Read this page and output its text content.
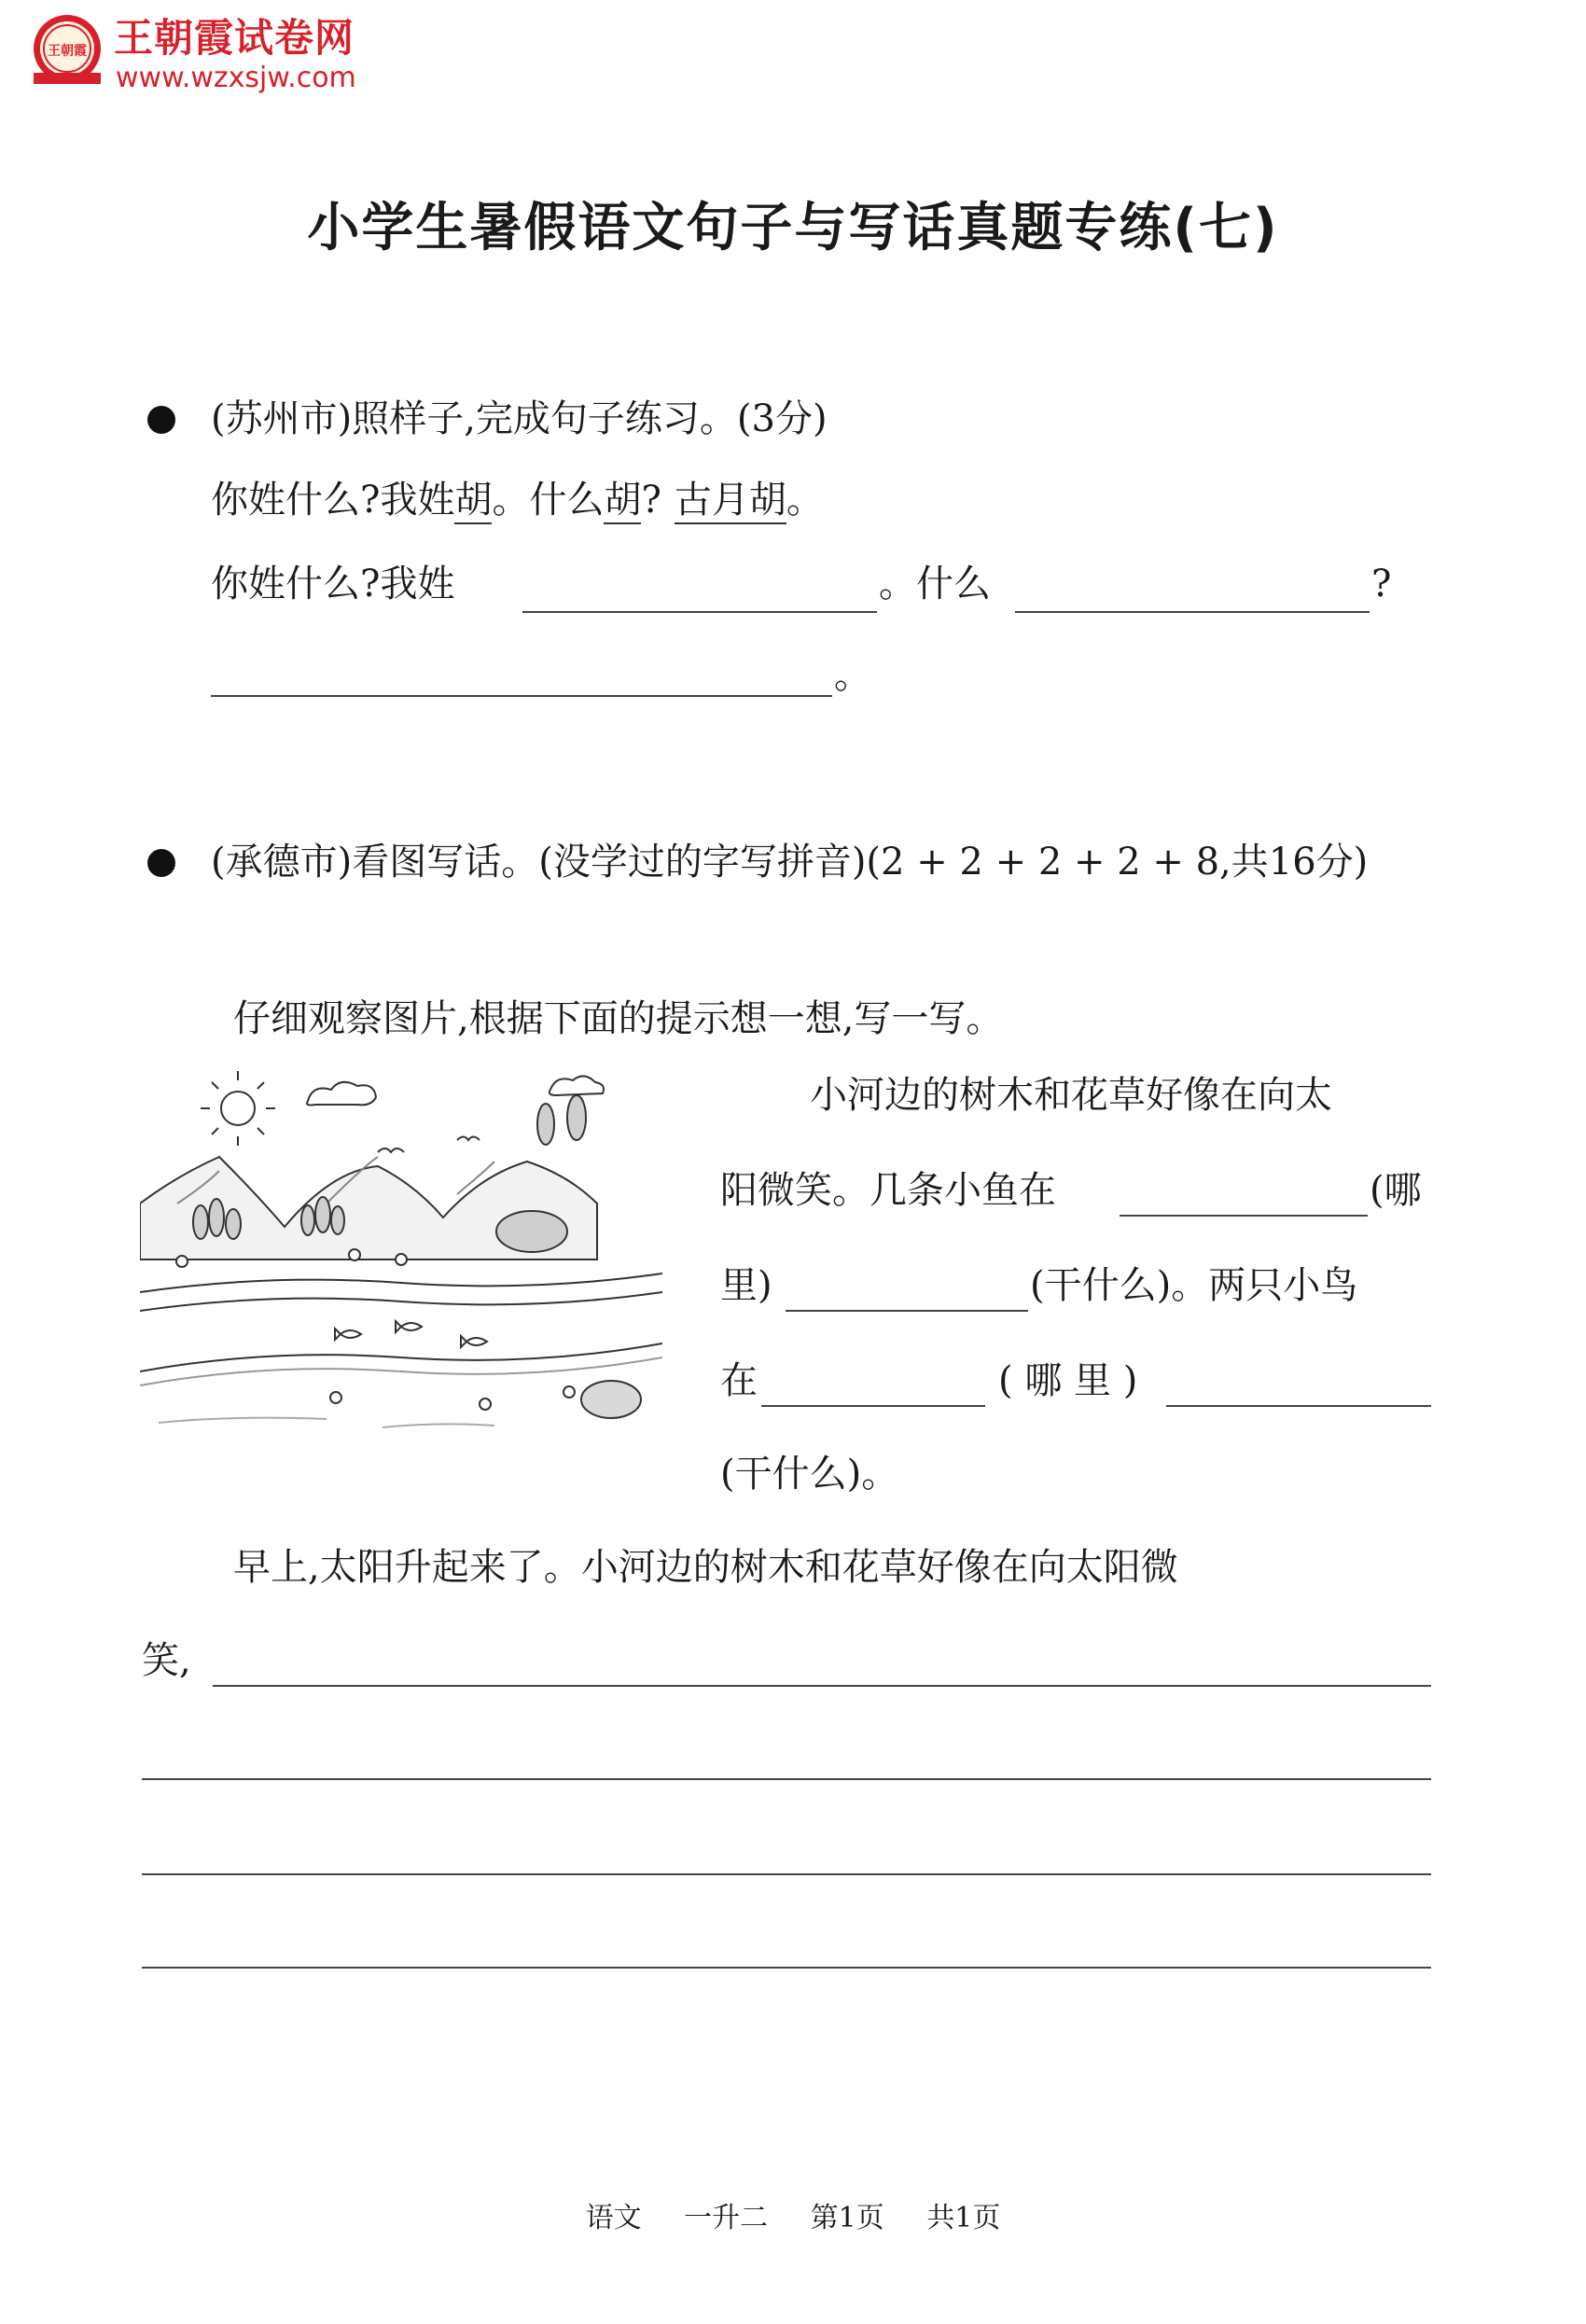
王朝霞 王朝霞试卷网
www.wzxsjw.com
小学生暑假语文句子与写话真题专练(七)
(苏州市)照样子,完成句子练习。(3分)
你姓什么?我姓胡。什么胡? 古月胡。
你姓什么?我姓	。什么	?
。
(承德市)看图写话。(没学过的字写拼音)(2 + 2 + 2 + 2 + 8,共16分)
仔细观察图片,根据下面的提示想一想,写一写。
小河边的树木和花草好像在向太
阳微笑。几条小鱼在	(哪
里)	(干什么)。两只小鸟
在	( 哪 里 )
(干什么)。
早上,太阳升起来了。小河边的树木和花草好像在向太阳微
笑,
语文 一升二 第1页 共1页
